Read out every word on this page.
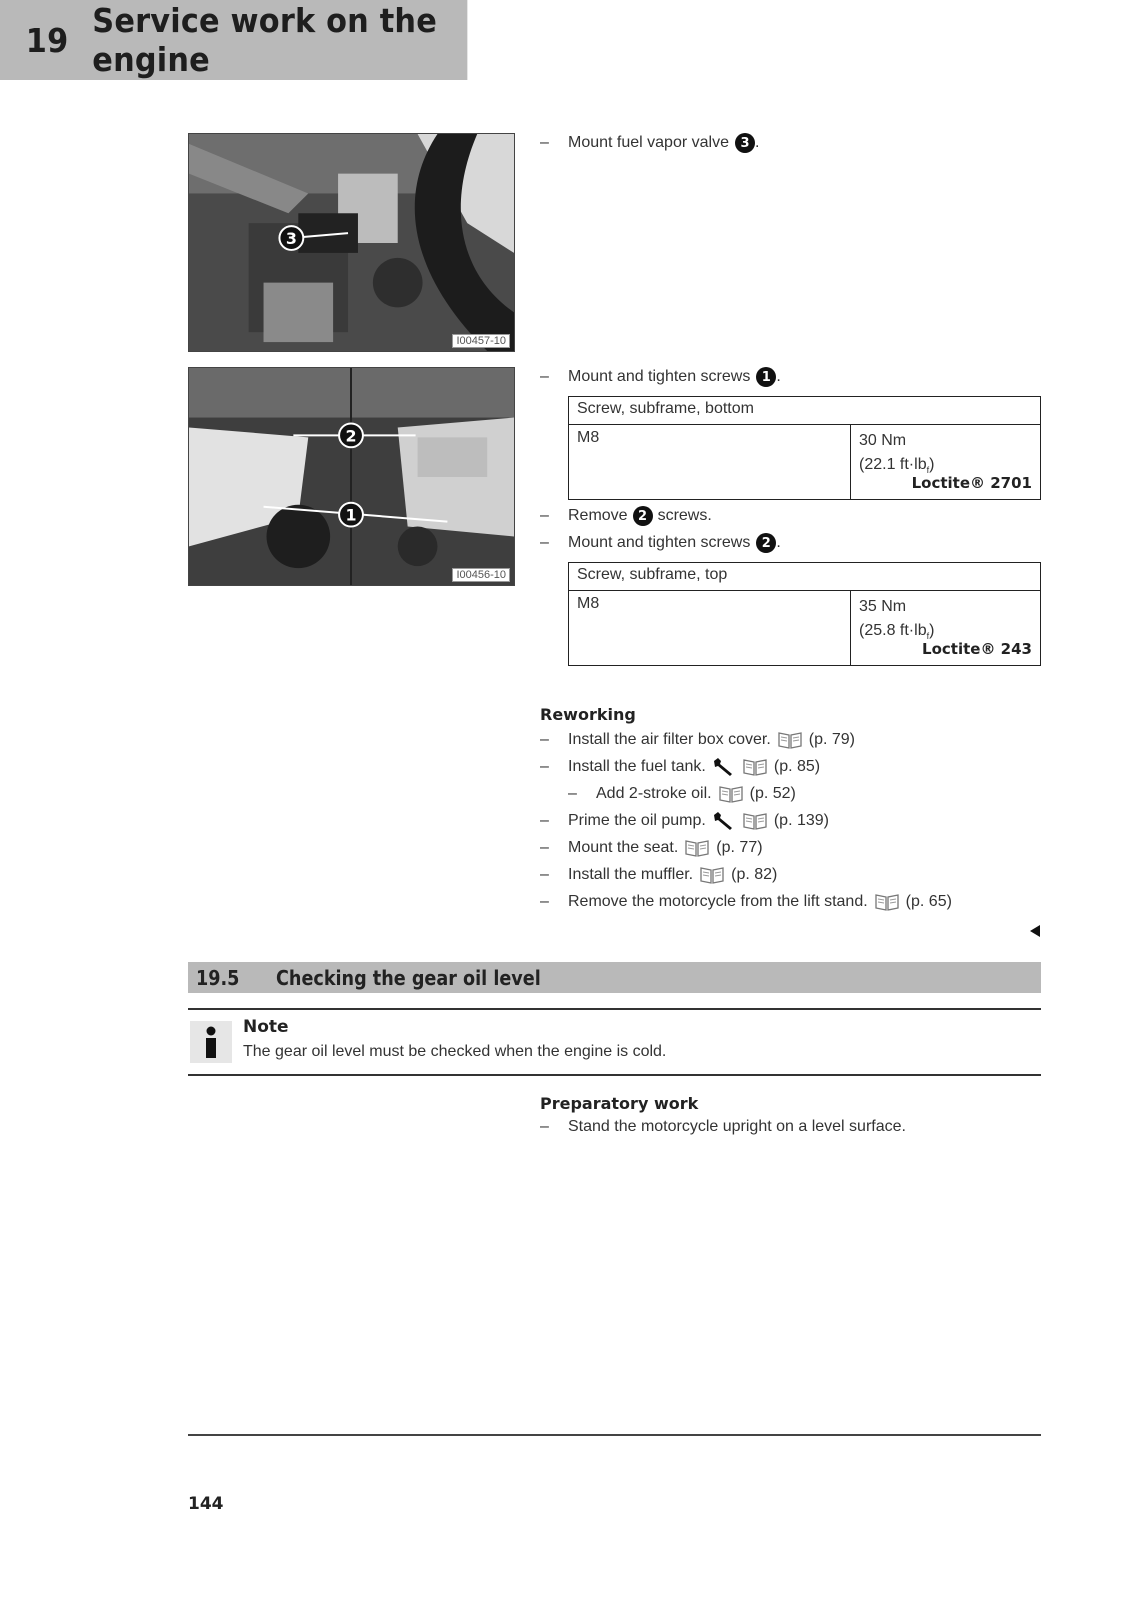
19 Service work on the engine
3
I00457-10
2
1
I00456-10
–	Mount fuel vapor valve 3 .
–	Mount and tighten screws 1 .
Screw, subframe, bottom
M8	30 Nm
(22.1 $ft\cdot lb_f$)
Loctite® 2701
–	Remove 2 screws.
–	Mount and tighten screws 2 .
Screw, subframe, top
M8	35 Nm
(25.8 $ft\cdot lb_f$)
Loctite® 243
Reworking
–	Install the air filter box cover. (p. 79)
–	Install the fuel tank.	(p. 85)
–	Add 2-stroke oil. (p. 52)
–	Prime the oil pump.	(p. 139)
–	Mount the seat. (p. 77)
–	Install the muffler. (p. 82)
–	Remove the motorcycle from the lift stand. (p. 65)
19.5	Checking the gear oil level
Note
The gear oil level must be checked when the engine is cold.
Preparatory work
–	Stand the motorcycle upright on a level surface.
144
